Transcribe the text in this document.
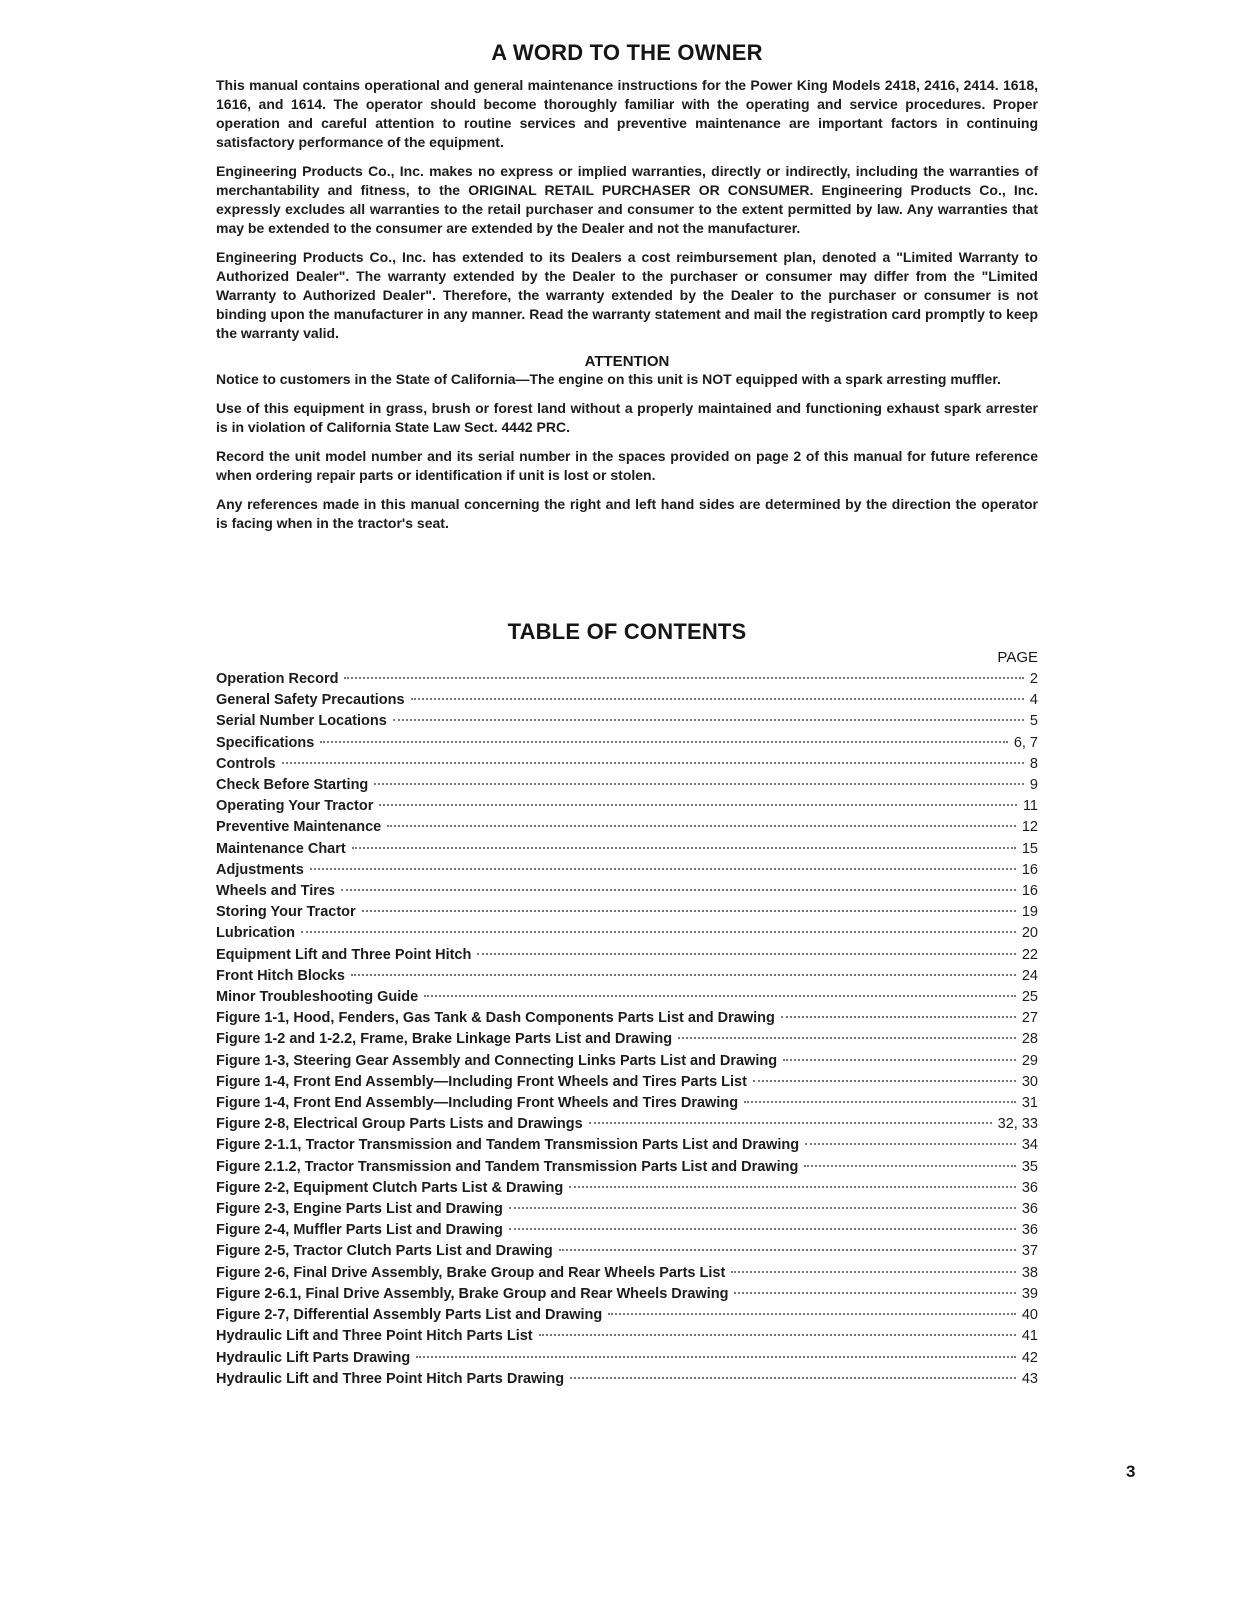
A WORD TO THE OWNER

This manual contains operational and general maintenance instructions for the Power King Models 2418, 2416, 2414. 1618, 1616, and 1614. The operator should become thoroughly familiar with the operating and service procedures. Proper operation and careful attention to routine services and preventive maintenance are important factors in continuing satisfactory performance of the equipment.

Engineering Products Co., Inc. makes no express or implied warranties, directly or indirectly, including the warranties of merchantability and fitness, to the ORIGINAL RETAIL PURCHASER OR CONSUMER. Engineering Products Co., Inc. expressly excludes all warranties to the retail purchaser and consumer to the extent permitted by law. Any warranties that may be extended to the consumer are extended by the Dealer and not the manufacturer.

Engineering Products Co., Inc. has extended to its Dealers a cost reimbursement plan, denoted a "Limited Warranty to Authorized Dealer". The warranty extended by the Dealer to the purchaser or consumer may differ from the "Limited Warranty to Authorized Dealer". Therefore, the warranty extended by the Dealer to the purchaser or consumer is not binding upon the manufacturer in any manner. Read the warranty statement and mail the registration card promptly to keep the warranty valid.

ATTENTION

Notice to customers in the State of California—The engine on this unit is NOT equipped with a spark arresting muffler.

Use of this equipment in grass, brush or forest land without a properly maintained and functioning exhaust spark arrester is in violation of California State Law Sect. 4442 PRC.

Record the unit model number and its serial number in the spaces provided on page 2 of this manual for future reference when ordering repair parts or identification if unit is lost or stolen.

Any references made in this manual concerning the right and left hand sides are determined by the direction the operator is facing when in the tractor's seat.

TABLE OF CONTENTS
PAGE
Operation Record	2
General Safety Precautions	4
Serial Number Locations	5
Specifications	6, 7
Controls	8
Check Before Starting	9
Operating Your Tractor	11
Preventive Maintenance	12
Maintenance Chart	15
Adjustments	16
Wheels and Tires	16
Storing Your Tractor	19
Lubrication	20
Equipment Lift and Three Point Hitch	22
Front Hitch Blocks	24
Minor Troubleshooting Guide	25
Figure 1-1, Hood, Fenders, Gas Tank & Dash Components Parts List and Drawing	27
Figure 1-2 and 1-2.2, Frame, Brake Linkage Parts List and Drawing	28
Figure 1-3, Steering Gear Assembly and Connecting Links Parts List and Drawing	29
Figure 1-4, Front End Assembly—Including Front Wheels and Tires Parts List	30
Figure 1-4, Front End Assembly—Including Front Wheels and Tires Drawing	31
Figure 2-8, Electrical Group Parts Lists and Drawings	32, 33
Figure 2-1.1, Tractor Transmission and Tandem Transmission Parts List and Drawing	34
Figure 2.1.2, Tractor Transmission and Tandem Transmission Parts List and Drawing	35
Figure 2-2, Equipment Clutch Parts List & Drawing	36
Figure 2-3, Engine Parts List and Drawing	36
Figure 2-4, Muffler Parts List and Drawing	36
Figure 2-5, Tractor Clutch Parts List and Drawing	37
Figure 2-6, Final Drive Assembly, Brake Group and Rear Wheels Parts List	38
Figure 2-6.1, Final Drive Assembly, Brake Group and Rear Wheels Drawing	39
Figure 2-7, Differential Assembly Parts List and Drawing	40
Hydraulic Lift and Three Point Hitch Parts List	41
Hydraulic Lift Parts Drawing	42
Hydraulic Lift and Three Point Hitch Parts Drawing	43
3
